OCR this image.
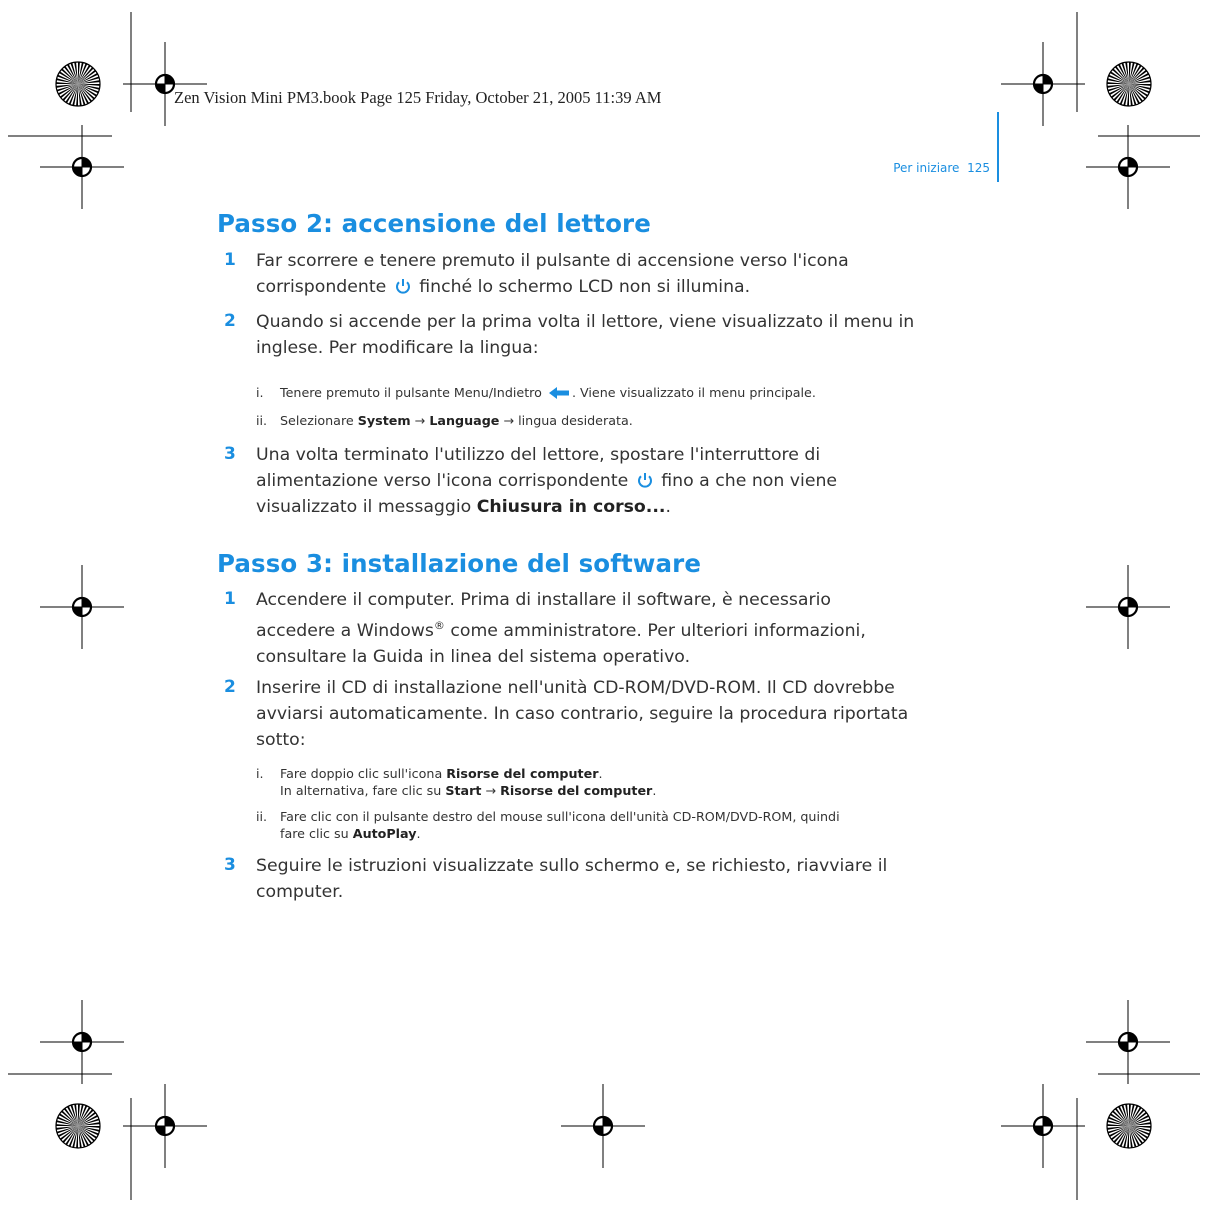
Zen Vision Mini PM3.book Page 125 Friday, October 21, 2005 11:39 AM
Per iniziare 125
Passo 2: accensione del lettore
1 Far scorrere e tenere premuto il pulsante di accensione verso l'icona
corrispondente finché lo schermo LCD non si illumina.
2 Quando si accende per la prima volta il lettore, viene visualizzato il menu in
inglese. Per modificare la lingua:
i. Tenere premuto il pulsante Menu/Indietro . Viene visualizzato il menu principale.
ii. Selezionare System → Language → lingua desiderata.
3 Una volta terminato l'utilizzo del lettore, spostare l'interruttore di
alimentazione verso l'icona corrispondente fino a che non viene
visualizzato il messaggio Chiusura in corso....
Passo 3: installazione del software
1 Accendere il computer. Prima di installare il software, è necessario
accedere a Windows® come amministratore. Per ulteriori informazioni,
consultare la Guida in linea del sistema operativo.
2 Inserire il CD di installazione nell'unità CD-ROM/DVD-ROM. Il CD dovrebbe
avviarsi automaticamente. In caso contrario, seguire la procedura riportata
sotto:
i. Fare doppio clic sull'icona Risorse del computer.
In alternativa, fare clic su Start → Risorse del computer.
ii. Fare clic con il pulsante destro del mouse sull'icona dell'unità CD-ROM/DVD-ROM, quindi
fare clic su AutoPlay.
3 Seguire le istruzioni visualizzate sullo schermo e, se richiesto, riavviare il
computer.
